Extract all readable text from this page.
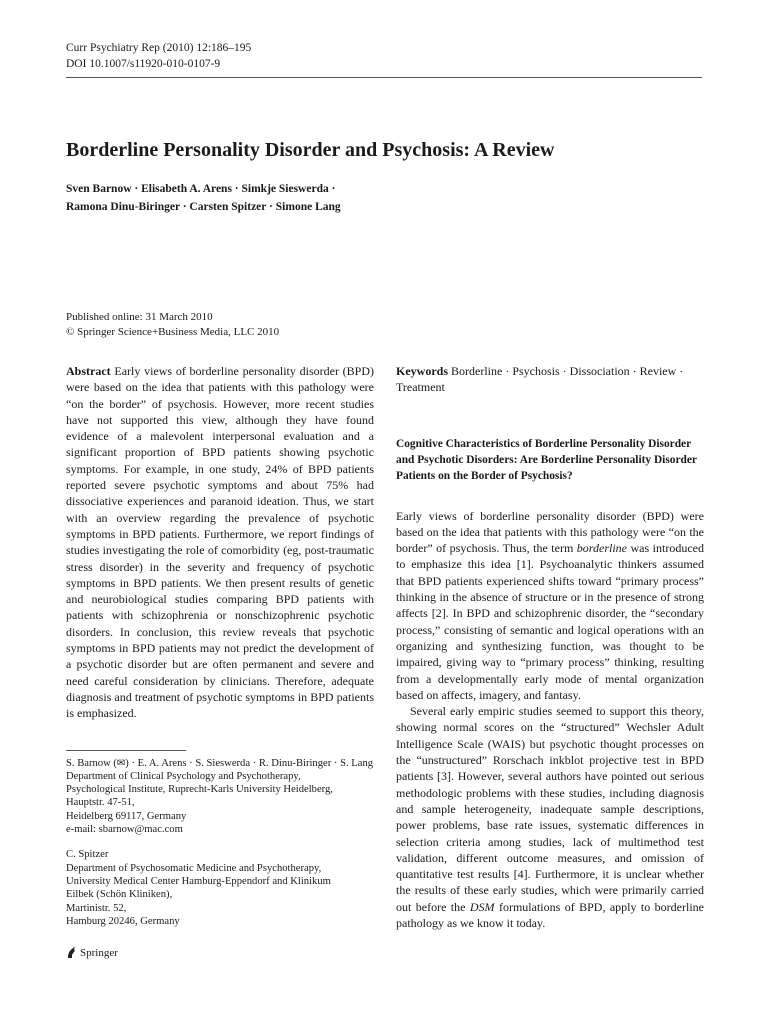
Curr Psychiatry Rep (2010) 12:186–195
DOI 10.1007/s11920-010-0107-9
Borderline Personality Disorder and Psychosis: A Review
Sven Barnow · Elisabeth A. Arens · Simkje Sieswerda ·
Ramona Dinu-Biringer · Carsten Spitzer · Simone Lang
Published online: 31 March 2010
© Springer Science+Business Media, LLC 2010

Abstract Early views of borderline personality disorder (BPD) were based on the idea that patients with this pathology were “on the border” of psychosis. However, more recent studies have not supported this view, although they have found evidence of a malevolent interpersonal evaluation and a significant proportion of BPD patients showing psychotic symptoms. For example, in one study, 24% of BPD patients reported severe psychotic symptoms and about 75% had dissociative experiences and paranoid ideation. Thus, we start with an overview regarding the prevalence of psychotic symptoms in BPD patients. Furthermore, we report findings of studies investigating the role of comorbidity (eg, post-traumatic stress disorder) in the severity and frequency of psychotic symptoms in BPD patients. We then present results of genetic and neurobiological studies comparing BPD patients with patients with schizophrenia or nonschizophrenic psychotic disorders. In conclusion, this review reveals that psychotic symptoms in BPD patients may not predict the development of a psychotic disorder but are often permanent and severe and need careful consideration by clinicians. Therefore, adequate diagnosis and treatment of psychotic symptoms in BPD patients is emphasized.

S. Barnow (✉) · E. A. Arens · S. Sieswerda · R. Dinu-Biringer · S. Lang
Department of Clinical Psychology and Psychotherapy,
Psychological Institute, Ruprecht-Karls University Heidelberg,
Hauptstr. 47-51,
Heidelberg 69117, Germany
e-mail: sbarnow@mac.com
C. Spitzer
Department of Psychosomatic Medicine and Psychotherapy,
University Medical Center Hamburg-Eppendorf and Klinikum
Eilbek (Schön Kliniken),
Martinistr. 52,
Hamburg 20246, Germany

Keywords Borderline · Psychosis · Dissociation · Review · Treatment

Cognitive Characteristics of Borderline Personality Disorder and Psychotic Disorders: Are Borderline Personality Disorder Patients on the Border of Psychosis?

Early views of borderline personality disorder (BPD) were based on the idea that patients with this pathology were “on the border” of psychosis. Thus, the term borderline was introduced to emphasize this idea [1]. Psychoanalytic thinkers assumed that BPD patients experienced shifts toward “primary process” thinking in the absence of structure or in the presence of strong affects [2]. In BPD and schizophrenic disorder, the “secondary process,” consisting of semantic and logical operations with an organizing and synthesizing function, was thought to be impaired, giving way to “primary process” thinking, resulting from a developmentally early mode of mental organization based on affects, imagery, and fantasy.

Several early empiric studies seemed to support this theory, showing normal scores on the “structured” Wechsler Adult Intelligence Scale (WAIS) but psychotic thought processes on the “unstructured” Rorschach inkblot projective test in BPD patients [3]. However, several authors have pointed out serious methodologic problems with these studies, including diagnosis and sample heterogeneity, inadequate sample descriptions, power problems, base rate issues, systematic differences in selection criteria among studies, lack of multimethod test validation, different outcome measures, and omission of quantitative test results [4]. Furthermore, it is unclear whether the results of these early studies, which were primarily carried out before the DSM formulations of BPD, apply to borderline pathology as we know it today.

Springer
